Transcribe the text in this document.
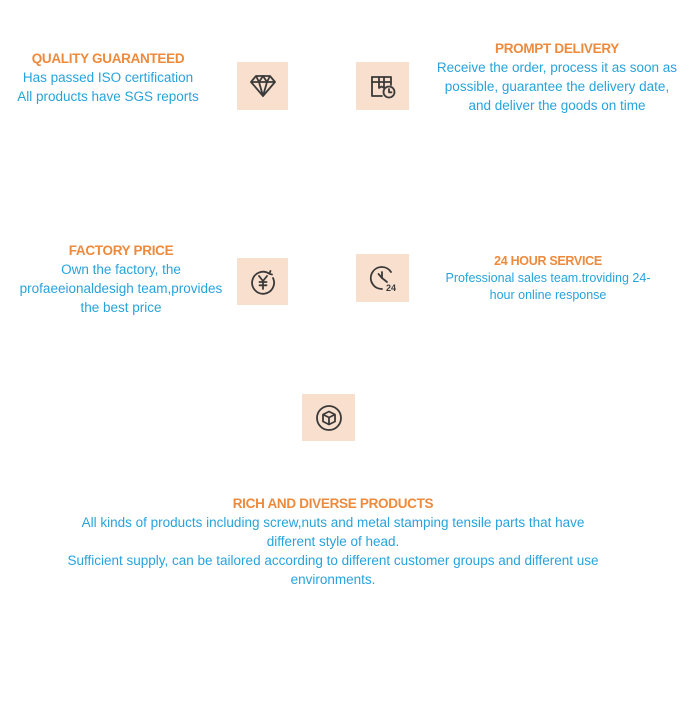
QUALITY GUARANTEED
Has passed ISO certification
All products have SGS reports
PROMPT DELIVERY
Receive the order, process it as soon as
possible, guarantee the delivery date,
and deliver the goods on time
FACTORY PRICE
Own the factory, the
profaeeionaldesigh team,provides
the best price
24
24 HOUR SERVICE
Professional sales team.troviding 24-
hour online response
RICH AND DIVERSE PRODUCTS
All kinds of products including screw,nuts and metal stamping tensile parts that have
different style of head.
Sufficient supply, can be tailored according to different customer groups and different use
environments.
